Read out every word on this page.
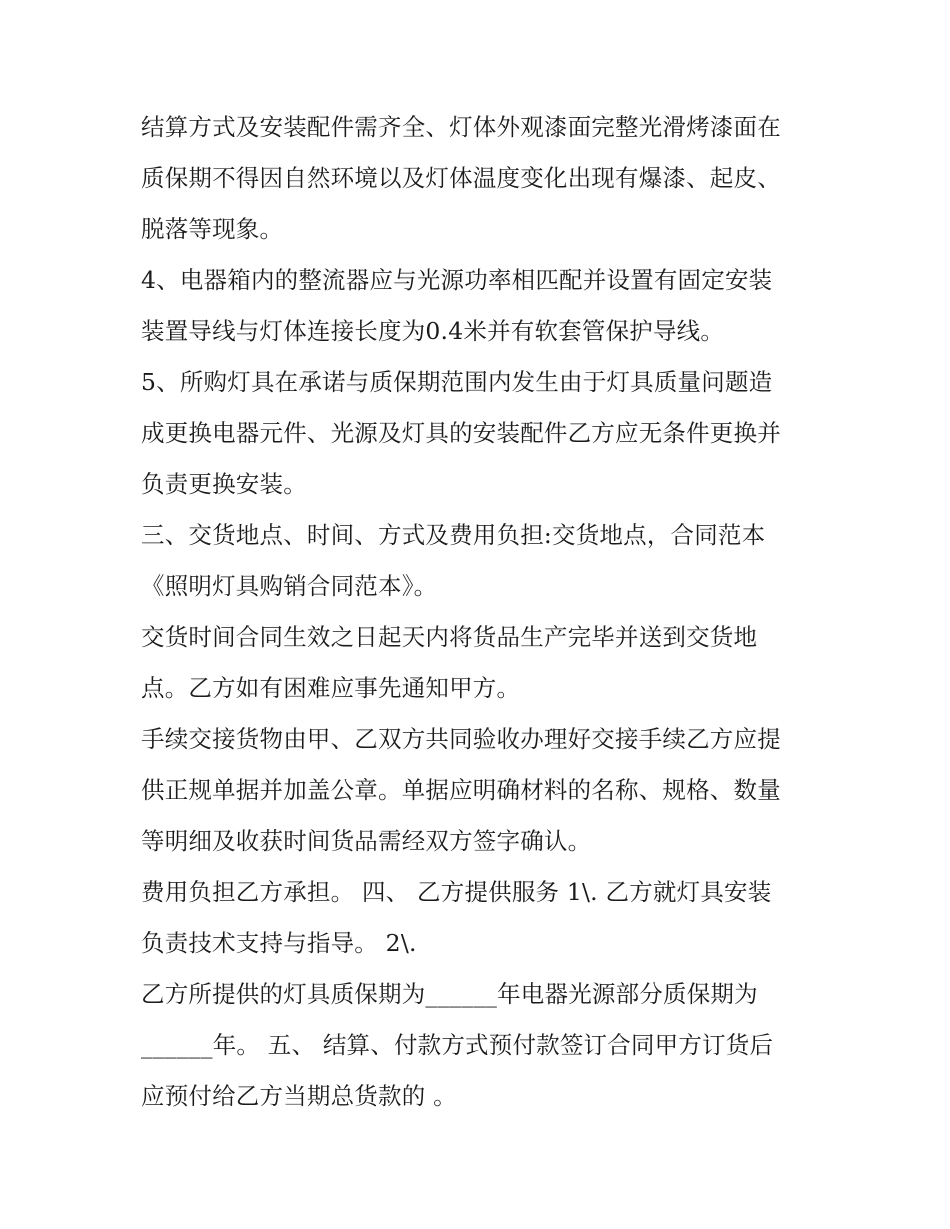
结算方式及安装配件需齐全、灯体外观漆面完整光滑烤漆面在
质保期不得因自然环境以及灯体温度变化出现有爆漆、起皮、
脱落等现象。
4、电器箱内的整流器应与光源功率相匹配并设置有固定安装
装置导线与灯体连接长度为0.4米并有软套管保护导线。
5、所购灯具在承诺与质保期范围内发生由于灯具质量问题造
成更换电器元件、光源及灯具的安装配件乙方应无条件更换并
负责更换安装。
三、交货地点、时间、方式及费用负担:交货地点，合同范本
《照明灯具购销合同范本》。
交货时间合同生效之日起天内将货品生产完毕并送到交货地
点。乙方如有困难应事先通知甲方。
手续交接货物由甲、乙双方共同验收办理好交接手续乙方应提
供正规单据并加盖公章。单据应明确材料的名称、规格、数量
等明细及收获时间货品需经双方签字确认。
费用负担乙方承担。 四、 乙方提供服务 1\. 乙方就灯具安装
负责技术支持与指导。 2\.
乙方所提供的灯具质保期为______年电器光源部分质保期为
______年。 五、 结算、付款方式预付款签订合同甲方订货后
应预付给乙方当期总货款的 。
